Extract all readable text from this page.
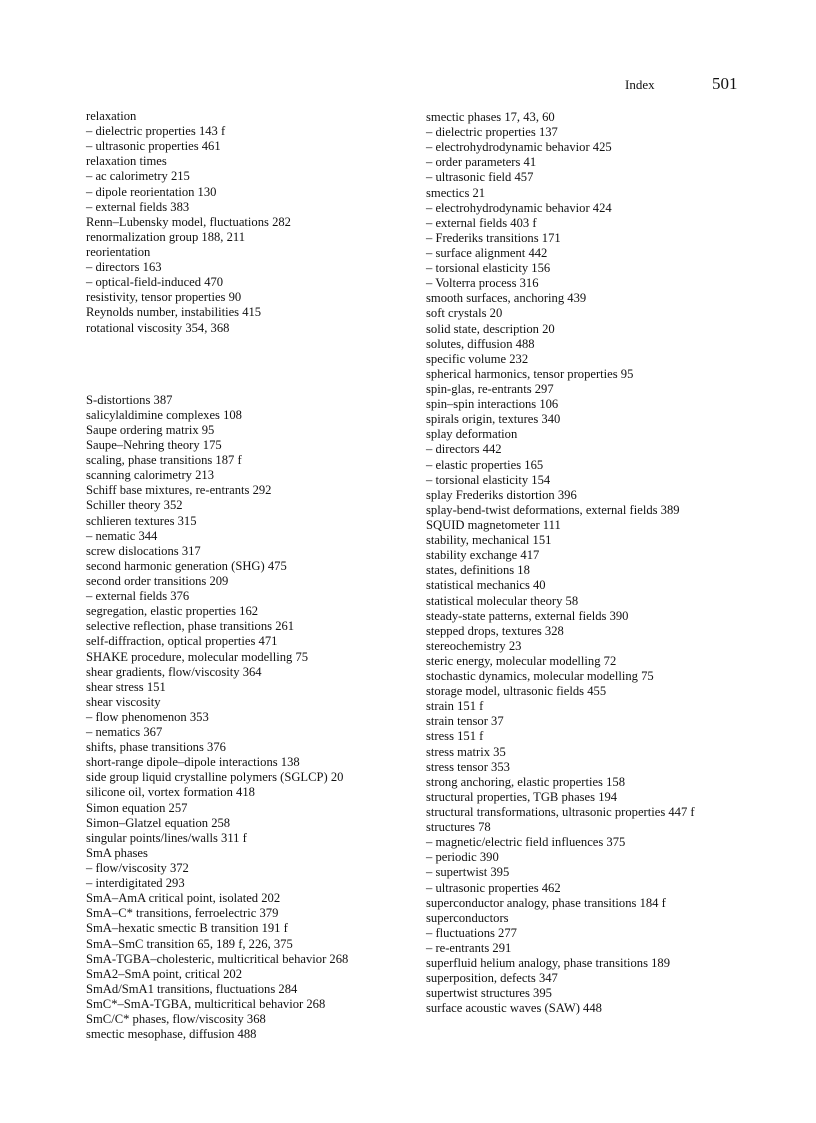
Index	501
relaxation
– dielectric properties 143 f
– ultrasonic properties 461
relaxation times
– ac calorimetry 215
– dipole reorientation 130
– external fields 383
Renn–Lubensky model, fluctuations 282
renormalization group 188, 211
reorientation
– directors 163
– optical-field-induced 470
resistivity, tensor properties 90
Reynolds number, instabilities 415
rotational viscosity 354, 368
S-distortions 387
salicylaldimine complexes 108
Saupe ordering matrix 95
Saupe–Nehring theory 175
scaling, phase transitions 187 f
scanning calorimetry 213
Schiff base mixtures, re-entrants 292
Schiller theory 352
schlieren textures 315
– nematic 344
screw dislocations 317
second harmonic generation (SHG) 475
second order transitions 209
– external fields 376
segregation, elastic properties 162
selective reflection, phase transitions 261
self-diffraction, optical properties 471
SHAKE procedure, molecular modelling 75
shear gradients, flow/viscosity 364
shear stress 151
shear viscosity
– flow phenomenon 353
– nematics 367
shifts, phase transitions 376
short-range dipole–dipole interactions 138
side group liquid crystalline polymers (SGLCP) 20
silicone oil, vortex formation 418
Simon equation 257
Simon–Glatzel equation 258
singular points/lines/walls 311 f
SmA phases
– flow/viscosity 372
– interdigitated 293
SmA–AmA critical point, isolated 202
SmA–C* transitions, ferroelectric 379
SmA–hexatic smectic B transition 191 f
SmA–SmC transition 65, 189 f, 226, 375
SmA-TGBA–cholesteric, multicritical behavior 268
SmA2–SmA point, critical 202
SmAd/SmA1 transitions, fluctuations 284
SmC*–SmA-TGBA, multicritical behavior 268
SmC/C* phases, flow/viscosity 368
smectic mesophase, diffusion 488
smectic phases 17, 43, 60
– dielectric properties 137
– electrohydrodynamic behavior 425
– order parameters 41
– ultrasonic field 457
smectics 21
– electrohydrodynamic behavior 424
– external fields 403 f
– Frederiks transitions 171
– surface alignment 442
– torsional elasticity 156
– Volterra process 316
smooth surfaces, anchoring 439
soft crystals 20
solid state, description 20
solutes, diffusion 488
specific volume 232
spherical harmonics, tensor properties 95
spin-glas, re-entrants 297
spin–spin interactions 106
spirals origin, textures 340
splay deformation
– directors 442
– elastic properties 165
– torsional elasticity 154
splay Frederiks distortion 396
splay-bend-twist deformations, external fields 389
SQUID magnetometer 111
stability, mechanical 151
stability exchange 417
states, definitions 18
statistical mechanics 40
statistical molecular theory 58
steady-state patterns, external fields 390
stepped drops, textures 328
stereochemistry 23
steric energy, molecular modelling 72
stochastic dynamics, molecular modelling 75
storage model, ultrasonic fields 455
strain 151 f
strain tensor 37
stress 151 f
stress matrix 35
stress tensor 353
strong anchoring, elastic properties 158
structural properties, TGB phases 194
structural transformations, ultrasonic properties 447 f
structures 78
– magnetic/electric field influences 375
– periodic 390
– supertwist 395
– ultrasonic properties 462
superconductor analogy, phase transitions 184 f
superconductors
– fluctuations 277
– re-entrants 291
superfluid helium analogy, phase transitions 189
superposition, defects 347
supertwist structures 395
surface acoustic waves (SAW) 448
